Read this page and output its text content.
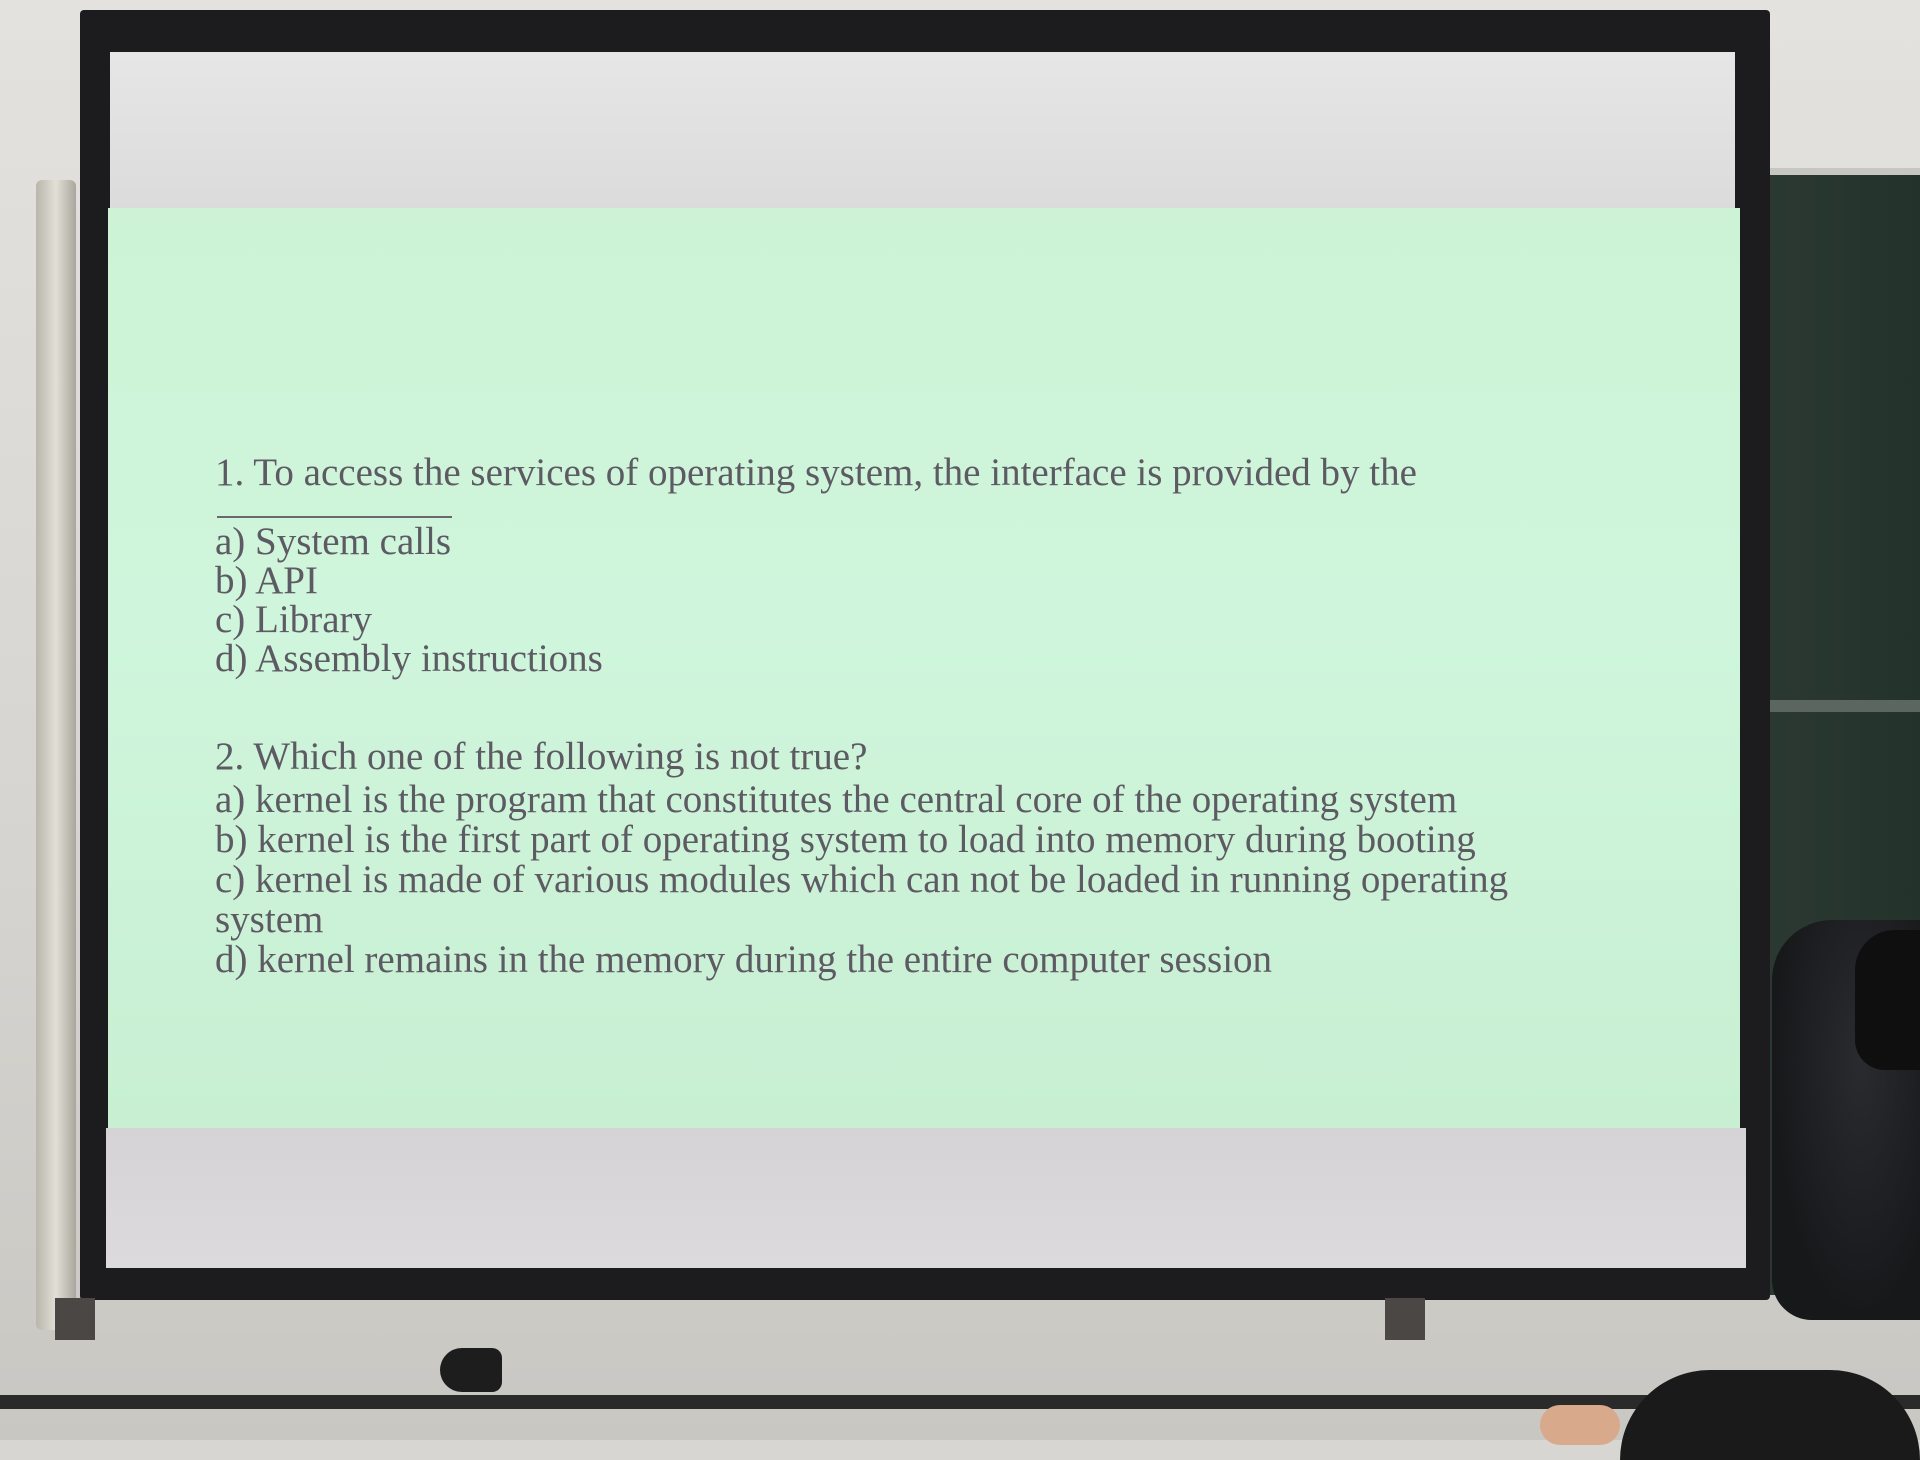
1. To access the services of operating system, the interface is provided by the
a) System calls
b) API
c) Library
d) Assembly instructions
2. Which one of the following is not true?
a) kernel is the program that constitutes the central core of the operating system
b) kernel is the first part of operating system to load into memory during booting
c) kernel is made of various modules which can not be loaded in running operating
system
d) kernel remains in the memory during the entire computer session
